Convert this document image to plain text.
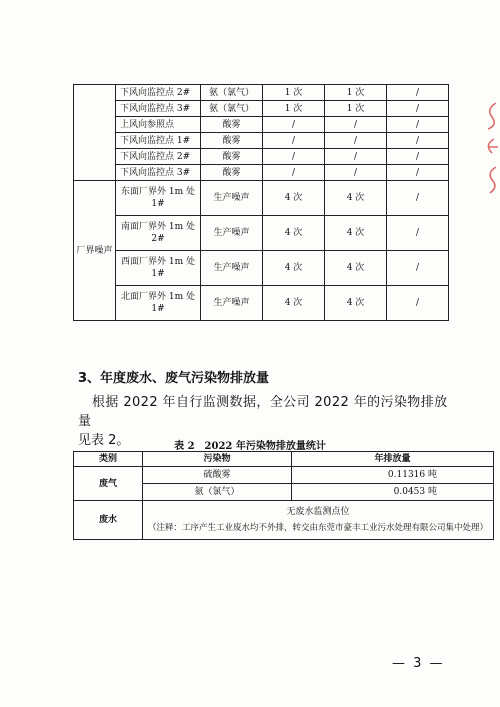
	下风向监控点 2#	氨（氯气）	1 次	1 次	/
	下风向监控点 3#	氨（氯气）	1 次	1 次	/
	上风向参照点	酸雾	/	/	/
	下风向监控点 1#	酸雾	/	/	/
	下风向监控点 2#	酸雾	/	/	/
	下风向监控点 3#	酸雾	/	/	/
厂界噪声	东面厂界外 1m 处 1#	生产噪声	4 次	4 次	/
	南面厂界外 1m 处 2#	生产噪声	4 次	4 次	/
	西面厂界外 1m 处 1#	生产噪声	4 次	4 次	/
	北面厂界外 1m 处 1#	生产噪声	4 次	4 次	/
3、年度废水、废气污染物排放量
根据 2022 年自行监测数据，全公司 2022 年的污染物排放量
见表 2。	表 2　2022 年污染物排放量统计
类别	污染物	年排放量
废气	硫酸雾	0.11316 吨
	氨（氯气）	0.0453 吨
废水	无废水监测点位
（注释：工序产生工业废水均不外排，转交由东莞市豪丰工业污水处理有限公司集中处理）	
— 3 —
